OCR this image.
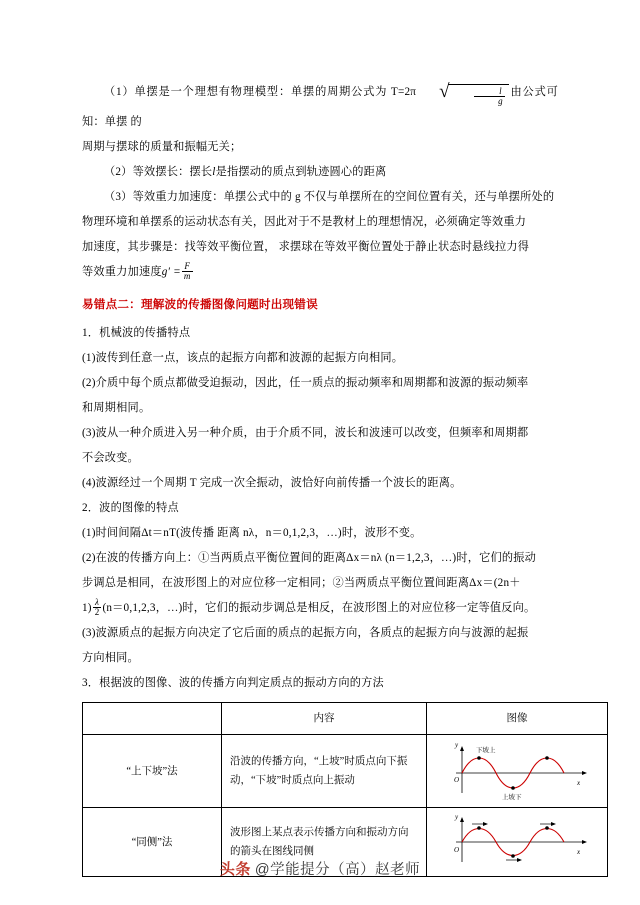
（1）单摆是一个理想有物理模型：单摆的周期公式为 T=2π	√ $\frac{l}{g}$ 由公式可知：单摆 的

周期与摆球的质量和振幅无关；

（2）等效摆长：摆长l是指摆动的质点到轨迹圆心的距离

（3）等效重力加速度：单摆公式中的 g 不仅与单摆所在的空间位置有关，还与单摆所处的

物理环境和单摆系的运动状态有关，因此对于不是教材上的理想情况，必须确定等效重力

加速度，其步骤是：找等效平衡位置， 求摆球在等效平衡位置处于静止状态时悬线拉力得

等效重力加速度$g' = \frac{F}{m}$

易错点二：理解波的传播图像问题时出现错误

1．机械波的传播特点

(1)波传到任意一点，该点的起振方向都和波源的起振方向相同。

(2)介质中每个质点都做受迫振动，因此，任一质点的振动频率和周期都和波源的振动频率

和周期相同。

(3)波从一种介质进入另一种介质，由于介质不同，波长和波速可以改变，但频率和周期都

不会改变。

(4)波源经过一个周期 T 完成一次全振动，波恰好向前传播一个波长的距离。

2．波的图像的特点

(1)时间间隔Δt＝nT(波传播 距离 nλ，n＝0,1,2,3，…)时，波形不变。

(2)在波的传播方向上：①当两质点平衡位置间的距离Δx＝nλ (n＝1,2,3，…)时，它们的振动

步调总是相同，在波形图上的对应位移一定相同；②当两质点平衡位置间距离Δx＝(2n＋

$1) \frac{\lambda}{2} (n=0,1,2,3$，…)时，它们的振动步调总是相反，在波形图上的对应位移一定等值反向。

(3)波源质点的起振方向决定了它后面的质点的起振方向，各质点的起振方向与波源的起振

方向相同。

3．根据波的图像、波的传播方向判定质点的振动方向的方法

	内容	图像
“上下坡”法	沿波的传播方向，“上坡”时质点向下振动，“下坡”时质点向上振动	y
O x
下坡上
上坡下

“同侧”法	波形图上某点表示传播方向和振动方向的箭头在图线同侧	y
O x
头条 @学能提分（高）赵老师
